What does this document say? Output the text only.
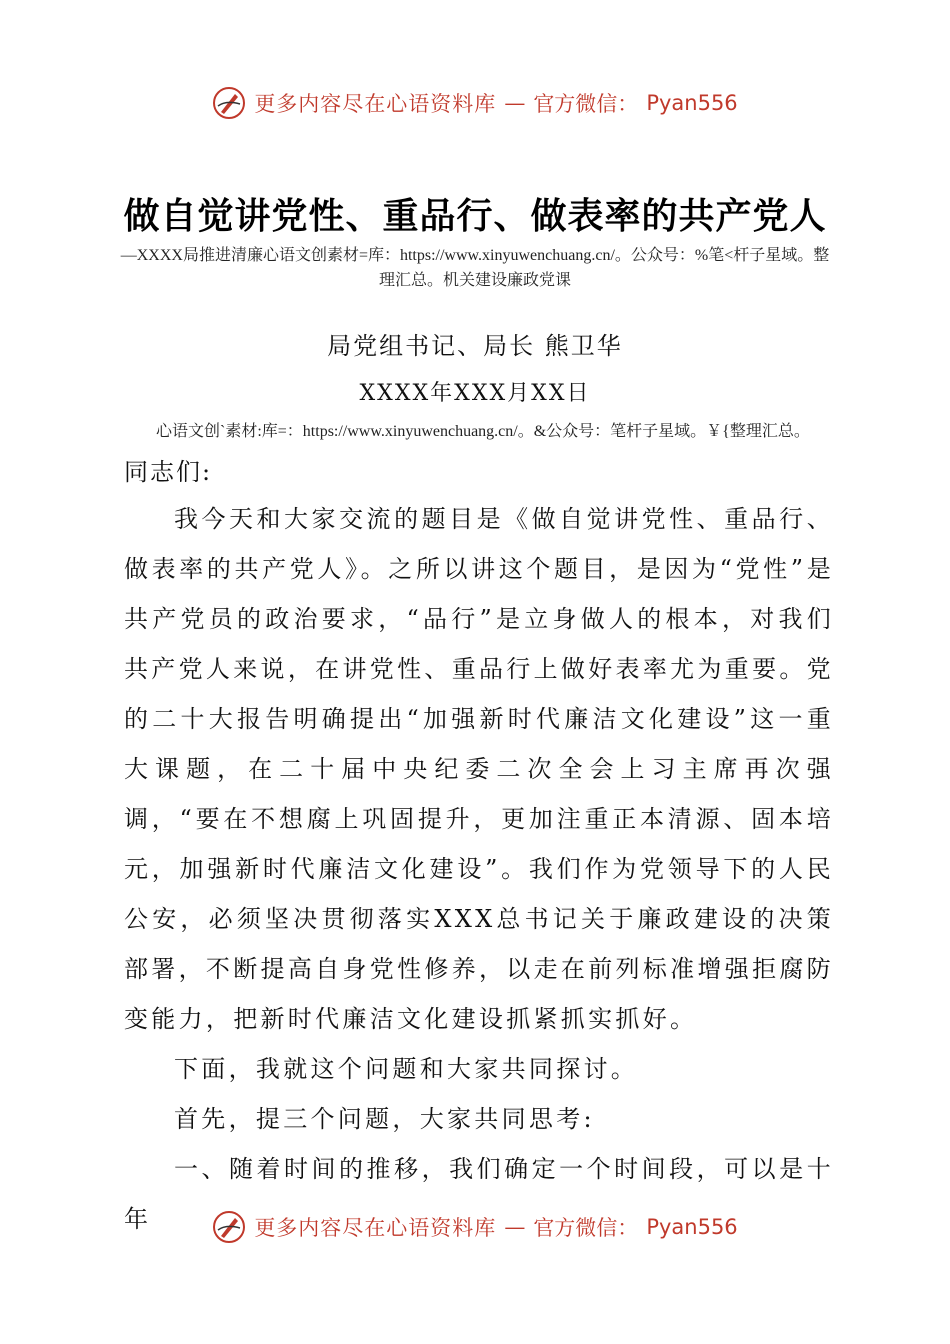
更多内容尽在心语资料库 — 官方微信： Pyan556
做自觉讲党性、重品行、做表率的共产党人
—XXXX局推进清廉心语文创素材=库：https://www.xinyuwenchuang.cn/。公众号：%笔<杆子星域。整理汇总。机关建设廉政党课
局党组书记、局长 熊卫华
XXXX年XXX月XX日
心语文创`素材:库=：https://www.xinyuwenchuang.cn/。&公众号：笔杆子星域。￥{整理汇总。
同志们:

我今天和大家交流的题目是《做自觉讲党性、重品行、做表率的共产党人》。之所以讲这个题目，是因为“党性”是共产党员的政治要求，“品行”是立身做人的根本，对我们共产党人来说，在讲党性、重品行上做好表率尤为重要。党的二十大报告明确提出“加强新时代廉洁文化建设”这一重大课题，在二十届中央纪委二次全会上习主席再次强调，“要在不想腐上巩固提升，更加注重正本清源、固本培元，加强新时代廉洁文化建设”。我们作为党领导下的人民公安，必须坚决贯彻落实XXX总书记关于廉政建设的决策部署，不断提高自身党性修养，以走在前列标准增强拒腐防变能力，把新时代廉洁文化建设抓紧抓实抓好。

下面，我就这个问题和大家共同探讨。

首先，提三个问题，大家共同思考:

一、随着时间的推移，我们确定一个时间段，可以是十年	更多内容尽在心语资料库 — 官方微信： Pyan556
